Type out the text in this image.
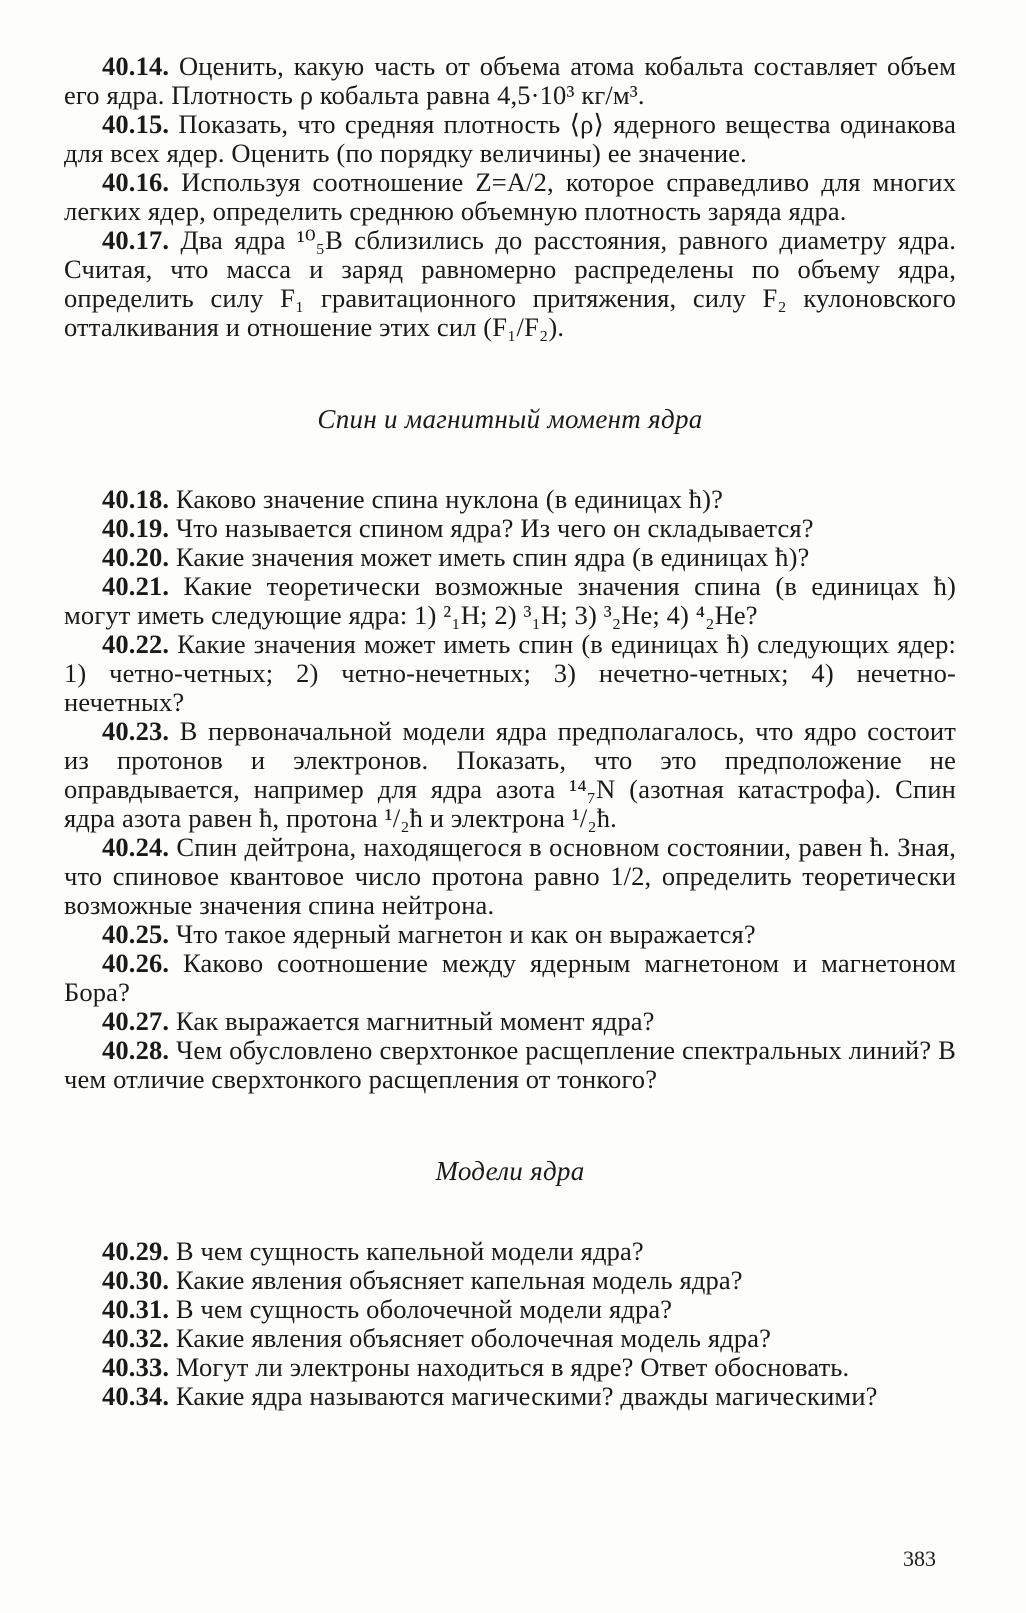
40.14. Оценить, какую часть от объема атома кобальта составляет объем его ядра. Плотность ρ кобальта равна 4,5·10³ кг/м³.

40.15. Показать, что средняя плотность ⟨ρ⟩ ядерного вещества одинакова для всех ядер. Оценить (по порядку величины) ее значение.

40.16. Используя соотношение Z=A/2, которое справедливо для многих легких ядер, определить среднюю объемную плотность заряда ядра.

40.17. Два ядра ¹⁰₅B сблизились до расстояния, равного диаметру ядра. Считая, что масса и заряд равномерно распределены по объему ядра, определить силу F₁ гравитационного притяжения, силу F₂ кулоновского отталкивания и отношение этих сил (F₁/F₂).

Спин и магнитный момент ядра

40.18. Каково значение спина нуклона (в единицах ħ)?

40.19. Что называется спином ядра? Из чего он складывается?

40.20. Какие значения может иметь спин ядра (в единицах ħ)?

40.21. Какие теоретически возможные значения спина (в единицах ħ) могут иметь следующие ядра: 1) ²₁H; 2) ³₁H; 3) ³₂He; 4) ⁴₂He?

40.22. Какие значения может иметь спин (в единицах ħ) следующих ядер: 1) четно-четных; 2) четно-нечетных; 3) нечетно-четных; 4) нечетно-нечетных?

40.23. В первоначальной модели ядра предполагалось, что ядро состоит из протонов и электронов. Показать, что это предположение не оправдывается, например для ядра азота ¹⁴₇N (азотная катастрофа). Спин ядра азота равен ħ, протона ¹/₂ħ и электрона ¹/₂ħ.

40.24. Спин дейтрона, находящегося в основном состоянии, равен ħ. Зная, что спиновое квантовое число протона равно 1/2, определить теоретически возможные значения спина нейтрона.

40.25. Что такое ядерный магнетон и как он выражается?

40.26. Каково соотношение между ядерным магнетоном и магнетоном Бора?

40.27. Как выражается магнитный момент ядра?

40.28. Чем обусловлено сверхтонкое расщепление спектральных линий? В чем отличие сверхтонкого расщепления от тонкого?

Модели ядра

40.29. В чем сущность капельной модели ядра?

40.30. Какие явления объясняет капельная модель ядра?

40.31. В чем сущность оболочечной модели ядра?

40.32. Какие явления объясняет оболочечная модель ядра?

40.33. Могут ли электроны находиться в ядре? Ответ обосновать.

40.34. Какие ядра называются магическими? дважды магическими?

383
